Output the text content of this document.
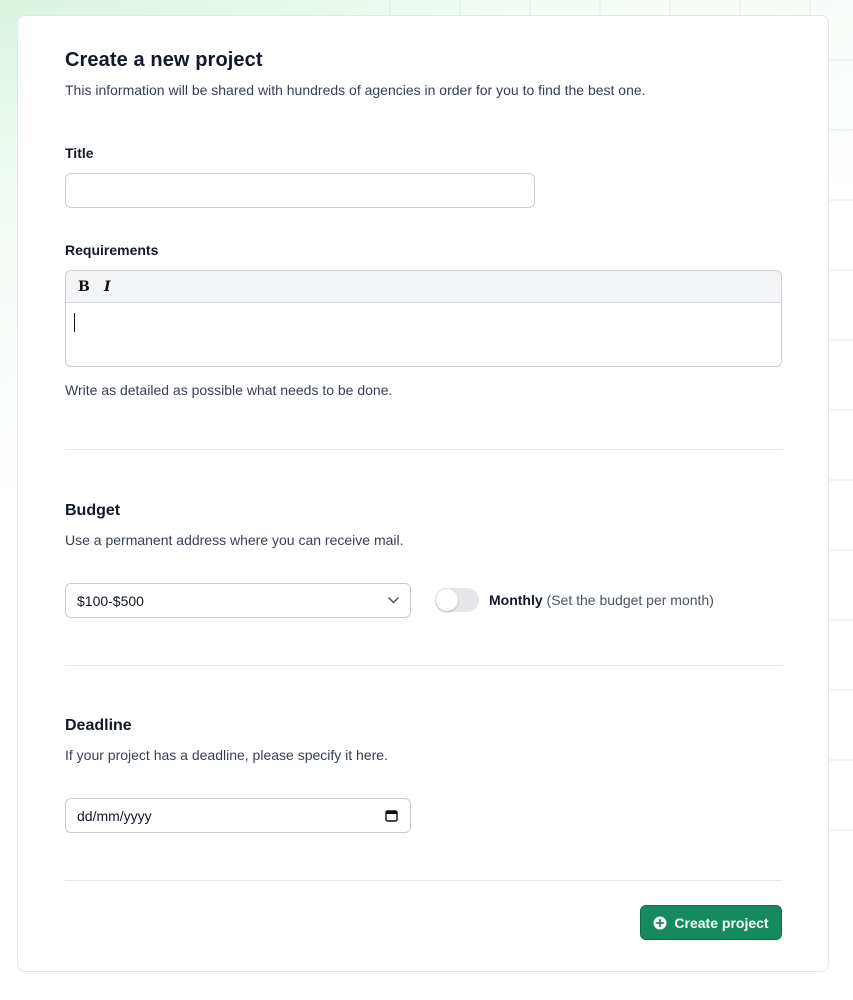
Create a new project

This information will be shared with hundreds of agencies in order for you to find the best one.

Title
Requirements
B	I

Write as detailed as possible what needs to be done.

Budget

Use a permanent address where you can receive mail.

$100-$500	Monthly (Set the budget per month)
Deadline

If your project has a deadline, please specify it here.

dd/mm/yyyy
Create project
